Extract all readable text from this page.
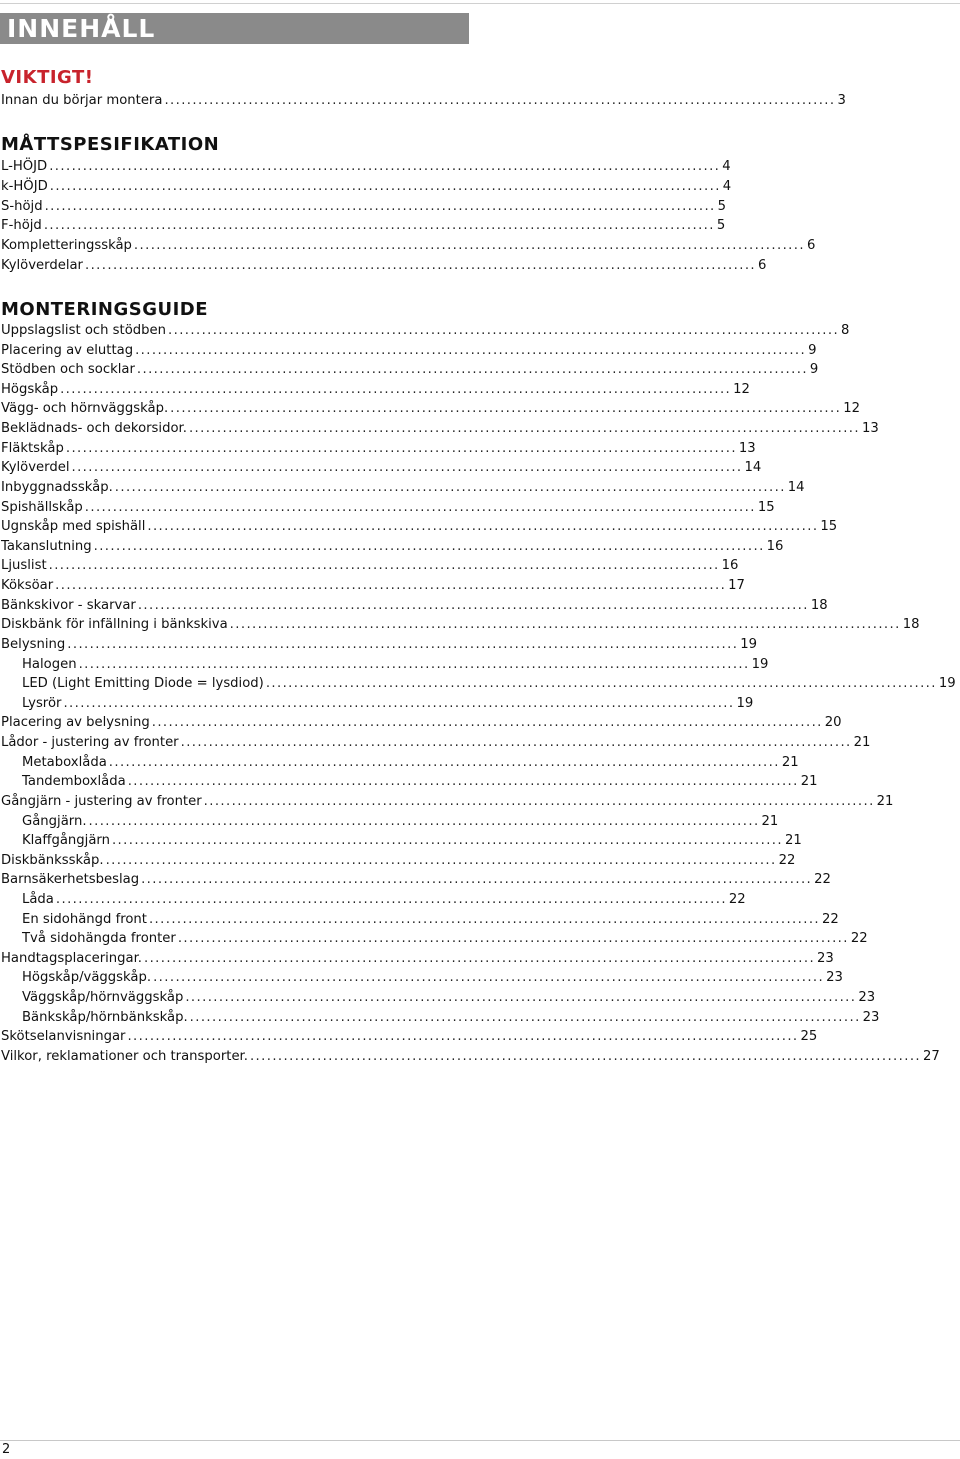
INNEHÅLL
VIKTIGT!
Innan du börjar montera ........................................................................................................................ 3
MÅTTSPESIFIKATION
L-HÖJD ........................................................................................................................ 4
k-HÖJD ........................................................................................................................ 4
S-höjd ........................................................................................................................ 5
F-höjd ........................................................................................................................ 5
Kompletteringsskåp ........................................................................................................................ 6
Kylöverdelar ........................................................................................................................ 6
MONTERINGSGUIDE
Uppslagslist och stödben ........................................................................................................................ 8
Placering av eluttag ........................................................................................................................ 9
Stödben och socklar ........................................................................................................................ 9
Högskåp ........................................................................................................................ 12
Vägg- och hörnväggskåp. ........................................................................................................................ 12
Beklädnads- och dekorsidor. ........................................................................................................................ 13
Fläktskåp ........................................................................................................................ 13
Kylöverdel ........................................................................................................................ 14
Inbyggnadsskåp. ........................................................................................................................ 14
Spishällskåp ........................................................................................................................ 15
Ugnskåp med spishäll ........................................................................................................................ 15
Takanslutning ........................................................................................................................ 16
Ljuslist ........................................................................................................................ 16
Köksöar ........................................................................................................................ 17
Bänkskivor - skarvar ........................................................................................................................ 18
Diskbänk för infällning i bänkskiva ........................................................................................................................ 18
Belysning ........................................................................................................................ 19
Halogen ........................................................................................................................ 19
LED (Light Emitting Diode = lysdiod) ........................................................................................................................ 19
Lysrör ........................................................................................................................ 19
Placering av belysning ........................................................................................................................ 20
Lådor - justering av fronter ........................................................................................................................ 21
Metaboxlåda ........................................................................................................................ 21
Tandemboxlåda ........................................................................................................................ 21
Gångjärn - justering av fronter ........................................................................................................................ 21
Gångjärn. ........................................................................................................................ 21
Klaffgångjärn ........................................................................................................................ 21
Diskbänksskåp. ........................................................................................................................ 22
Barnsäkerhetsbeslag ........................................................................................................................ 22
Låda ........................................................................................................................ 22
En sidohängd front ........................................................................................................................ 22
Två sidohängda fronter ........................................................................................................................ 22
Handtagsplaceringar. ........................................................................................................................ 23
Högskåp/väggskåp. ........................................................................................................................ 23
Väggskåp/hörnväggskåp ........................................................................................................................ 23
Bänkskåp/hörnbänkskåp. ........................................................................................................................ 23
Skötselanvisningar ........................................................................................................................ 25
Vilkor, reklamationer och transporter. ........................................................................................................................ 27
2
